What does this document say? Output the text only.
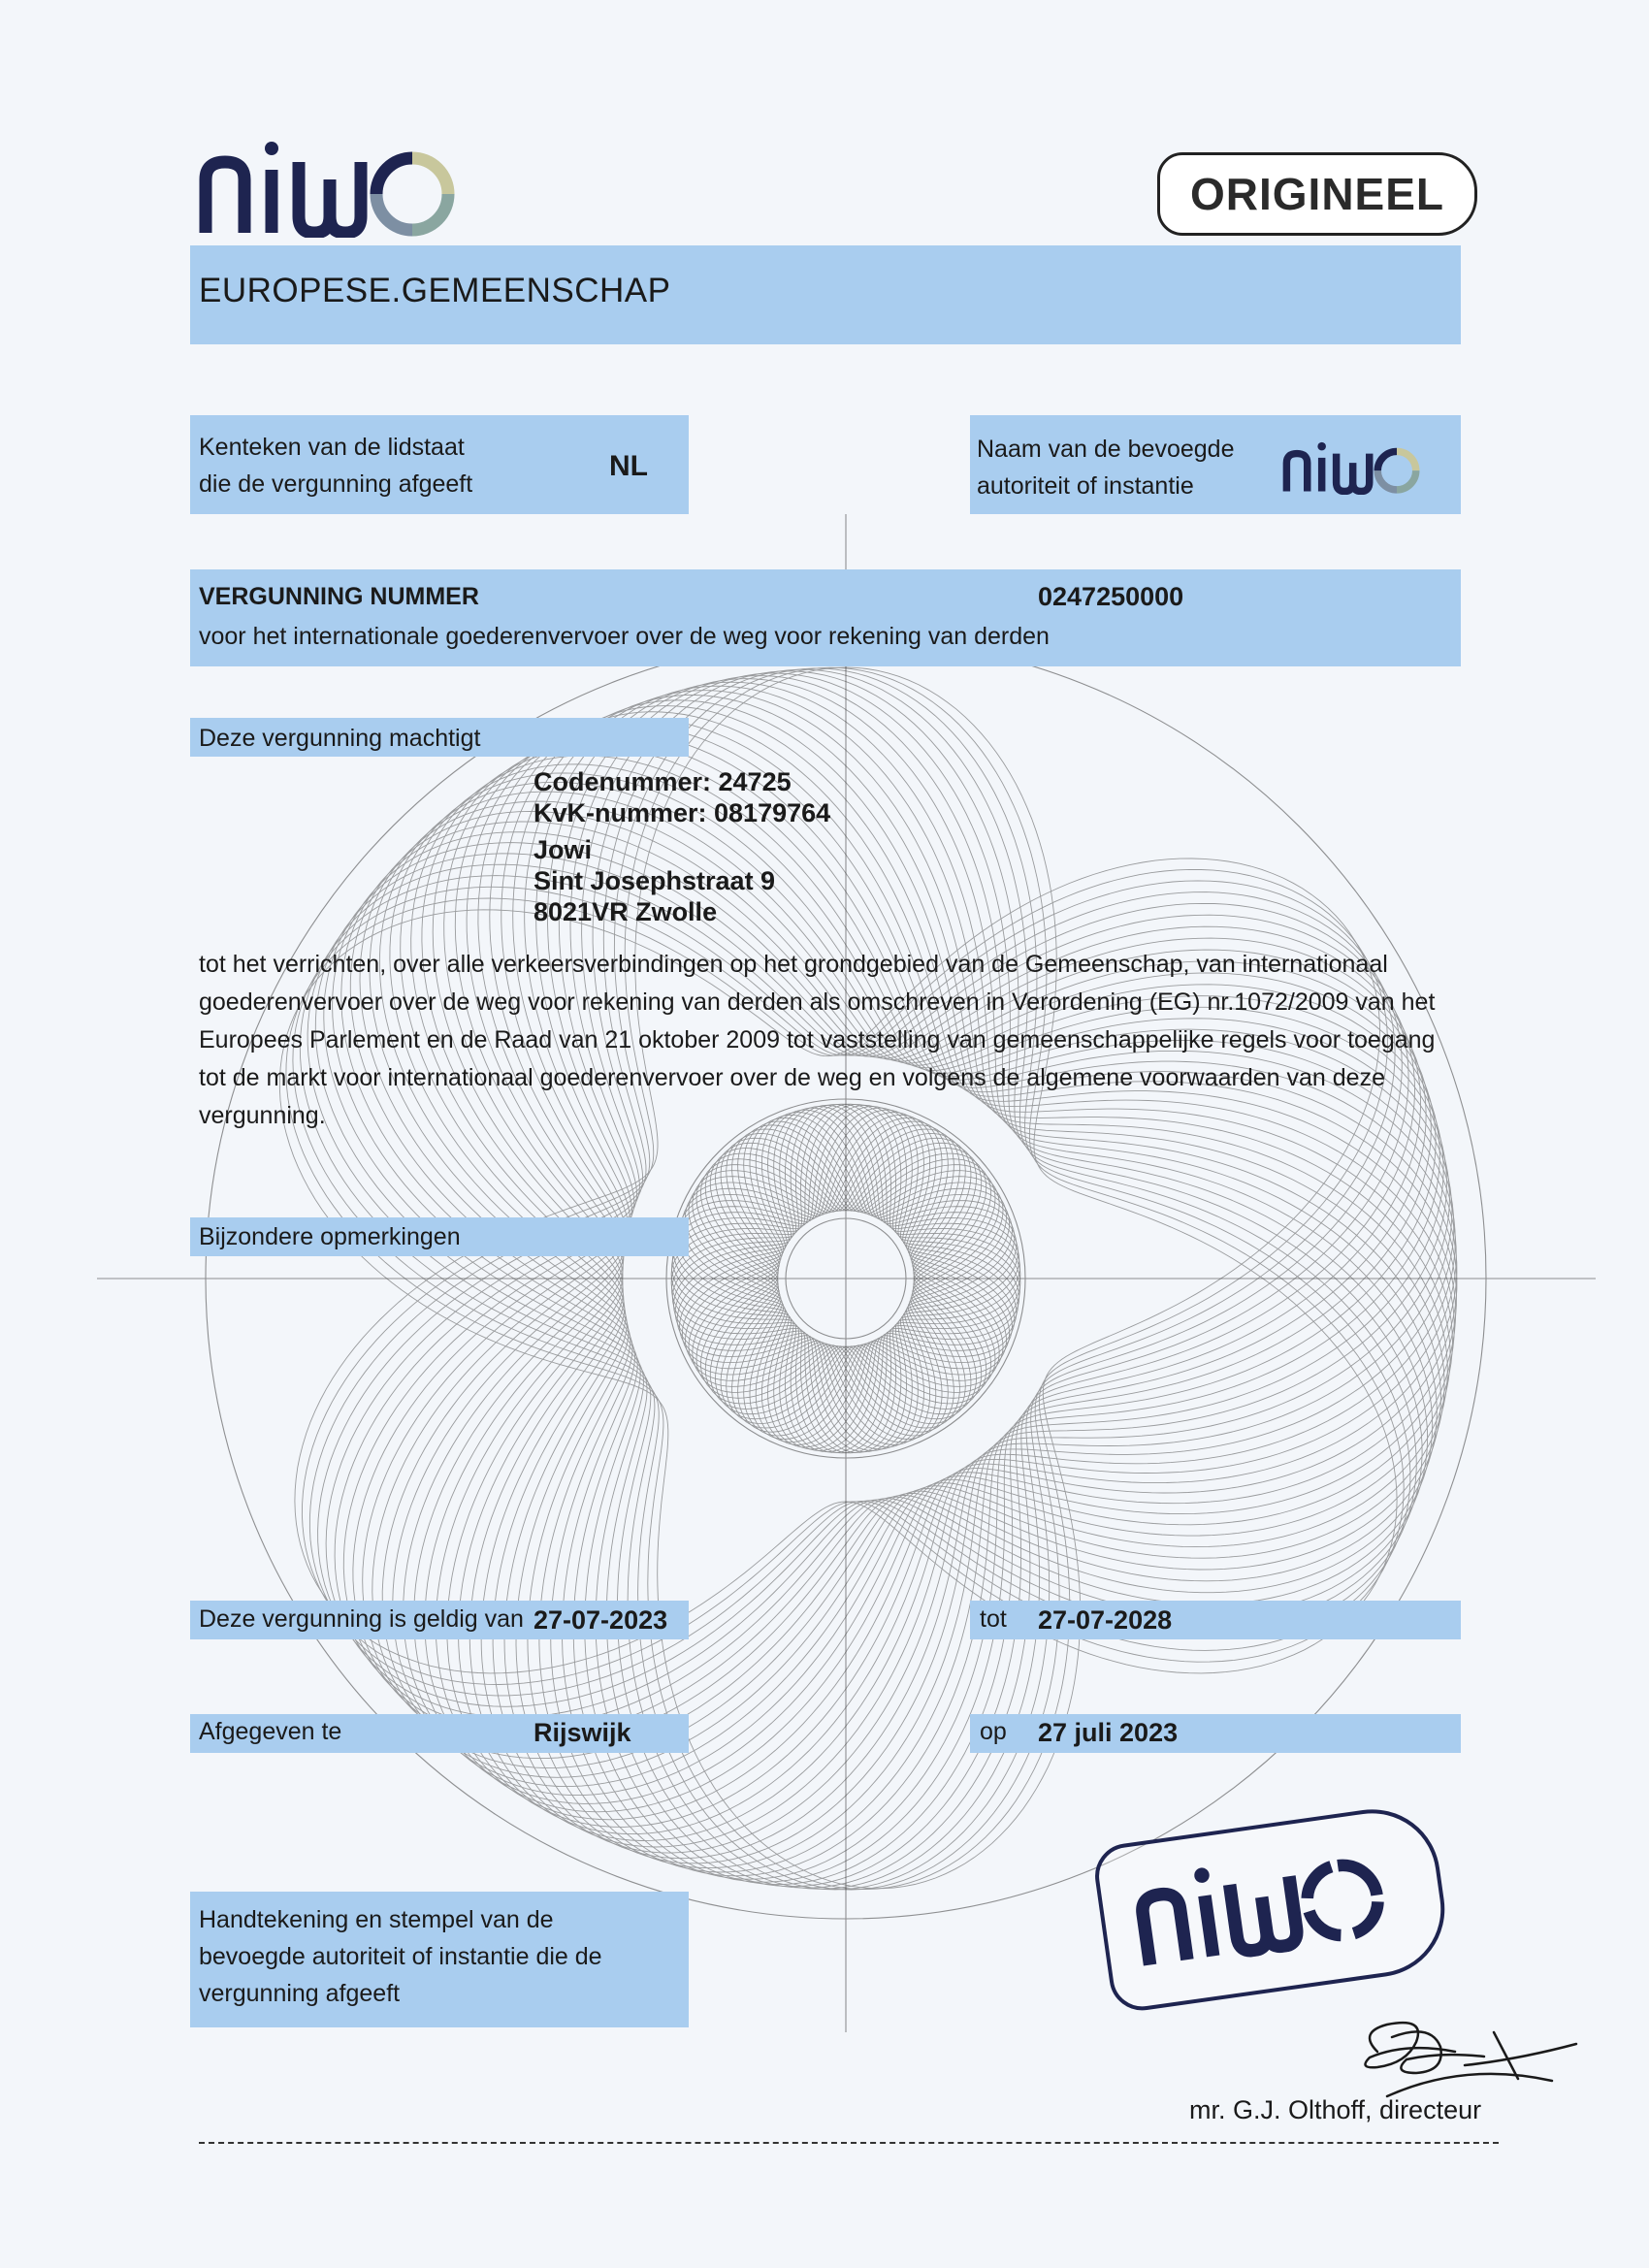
ORIGINEEL
EUROPESE.GEMEENSCHAP
Kenteken van de lidstaat
die de vergunning afgeeft
NL
Naam van de bevoegde
autoriteit of instantie
VERGUNNING NUMMER	0247250000
voor het internationale goederenvervoer over de weg voor rekening van derden
Deze vergunning machtigt
Codenummer: 24725
KvK-nummer: 08179764
Jowi
Sint Josephstraat 9
8021VR Zwolle
tot het verrichten, over alle verkeersverbindingen op het grondgebied van de Gemeenschap, van internationaal goederenvervoer over de weg voor rekening van derden als omschreven in Verordening (EG) nr.1072/2009 van het Europees Parlement en de Raad van 21 oktober 2009 tot vaststelling van gemeenschappelijke regels voor toegang tot de markt voor internationaal goederenvervoer over de weg en volgens de algemene voorwaarden van deze vergunning.
Bijzondere opmerkingen
Deze vergunning is geldig van 27-07-2023	tot 27-07-2028
Afgegeven te	Rijswijk	op 27 juli 2023
Handtekening en stempel van de
bevoegde autoriteit of instantie die de
vergunning afgeeft
mr. G.J. Olthoff, directeur
